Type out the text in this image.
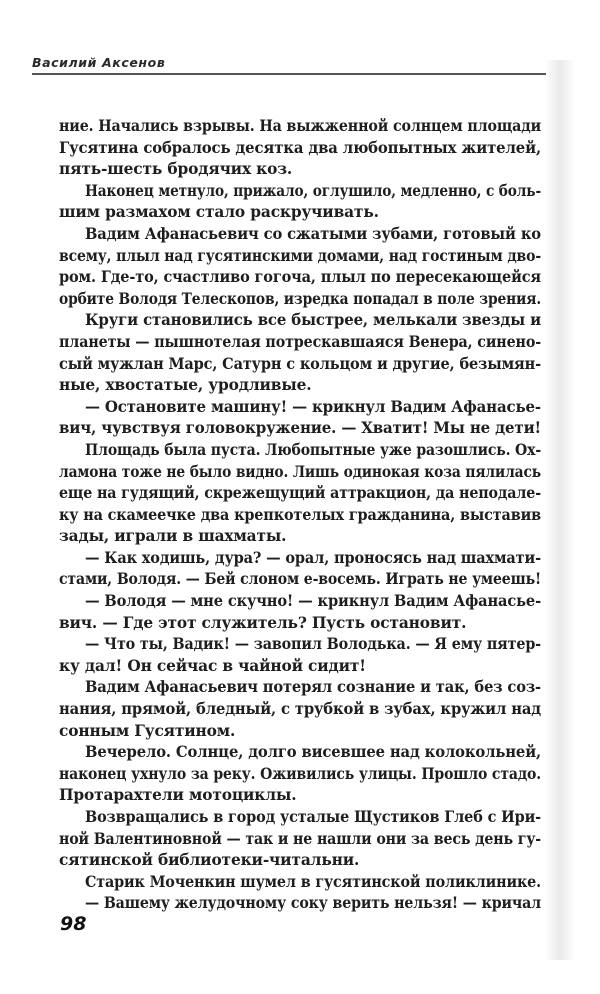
Василий Аксенов
ние. Начались взрывы. На выжженной солнцем площади
Гусятина собралось десятка два любопытных жителей,
пять-шесть бродячих коз.
Наконец метнуло, прижало, оглушило, медленно, с боль-
шим размахом стало раскручивать.
Вадим Афанасьевич со сжатыми зубами, готовый ко
всему, плыл над гусятинскими домами, над гостиным дво-
ром. Где-то, счастливо гогоча, плыл по пересекающейся
орбите Володя Телескопов, изредка попадал в поле зрения.
Круги становились все быстрее, мелькали звезды и
планеты — пышнотелая потрескавшаяся Венера, синено-
сый мужлан Марс, Сатурн с кольцом и другие, безымян-
ные, хвостатые, уродливые.
— Остановите машину! — крикнул Вадим Афанасье-
вич, чувствуя головокружение. — Хватит! Мы не дети!
Площадь была пуста. Любопытные уже разошлись. Ох-
ламона тоже не было видно. Лишь одинокая коза пялилась
еще на гудящий, скрежещущий аттракцион, да неподале-
ку на скамеечке два крепкотелых гражданина, выставив
зады, играли в шахматы.
— Как ходишь, дура? — орал, проносясь над шахмати-
стами, Володя. — Бей слоном е-восемь. Играть не умеешь!
— Володя — мне скучно! — крикнул Вадим Афанасье-
вич. — Где этот служитель? Пусть остановит.
— Что ты, Вадик! — завопил Володька. — Я ему пятер-
ку дал! Он сейчас в чайной сидит!
Вадим Афанасьевич потерял сознание и так, без соз-
нания, прямой, бледный, с трубкой в зубах, кружил над
сонным Гусятином.
Вечерело. Солнце, долго висевшее над колокольней,
наконец ухнуло за реку. Оживились улицы. Прошло стадо.
Протарахтели мотоциклы.
Возвращались в город усталые Щустиков Глеб с Ири-
ной Валентиновной — так и не нашли они за весь день гу-
сятинской библиотеки-читальни.
Старик Моченкин шумел в гусятинской поликлинике.
— Вашему желудочному соку верить нельзя! — кричал
98
